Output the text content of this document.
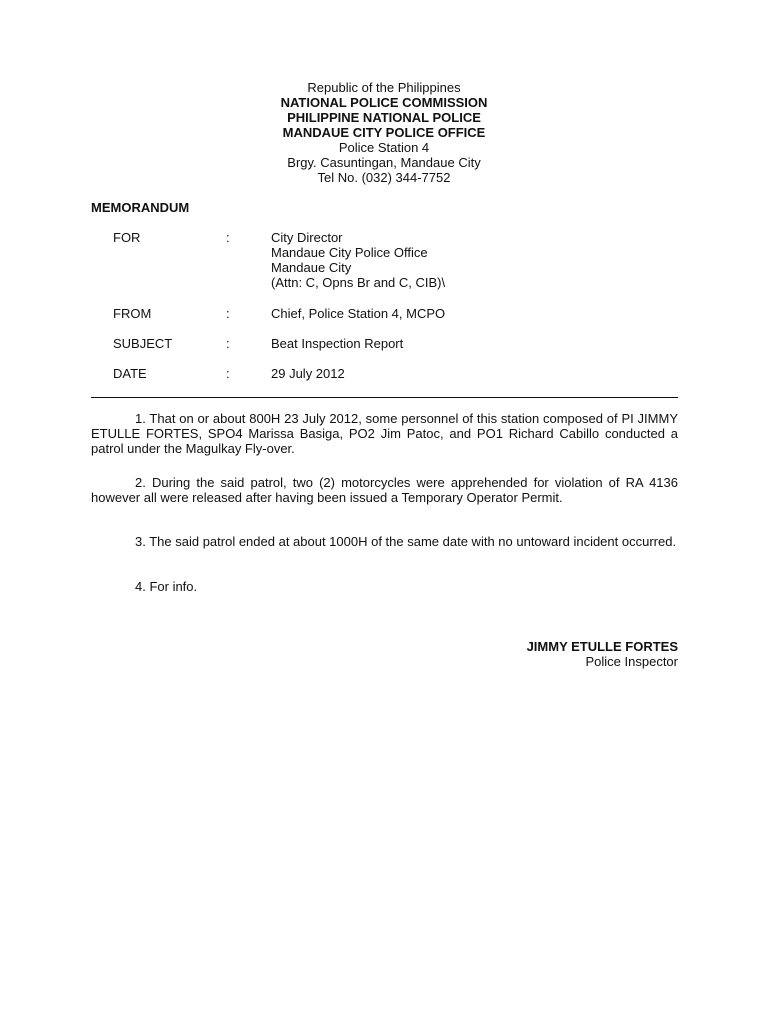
Republic of the Philippines
NATIONAL POLICE COMMISSION
PHILIPPINE NATIONAL POLICE
MANDAUE CITY POLICE OFFICE
Police Station 4
Brgy. Casuntingan, Mandaue City
Tel No. (032) 344-7752
MEMORANDUM
FOR	:	City Director
Mandaue City Police Office
Mandaue City
(Attn: C, Opns Br and C, CIB)\
FROM	:	Chief, Police Station 4, MCPO
SUBJECT	:	Beat Inspection Report
DATE	:	29 July 2012
1. That on or about 800H 23 July 2012, some personnel of this station composed of PI JIMMY ETULLE FORTES, SPO4 Marissa Basiga, PO2 Jim Patoc, and PO1 Richard Cabillo conducted a patrol under the Magulkay Fly-over.
2. During the said patrol, two (2) motorcycles were apprehended for violation of RA 4136 however all were released after having been issued a Temporary Operator Permit.
3. The said patrol ended at about 1000H of the same date with no untoward incident occurred.
4. For info.
JIMMY ETULLE FORTES
Police Inspector
